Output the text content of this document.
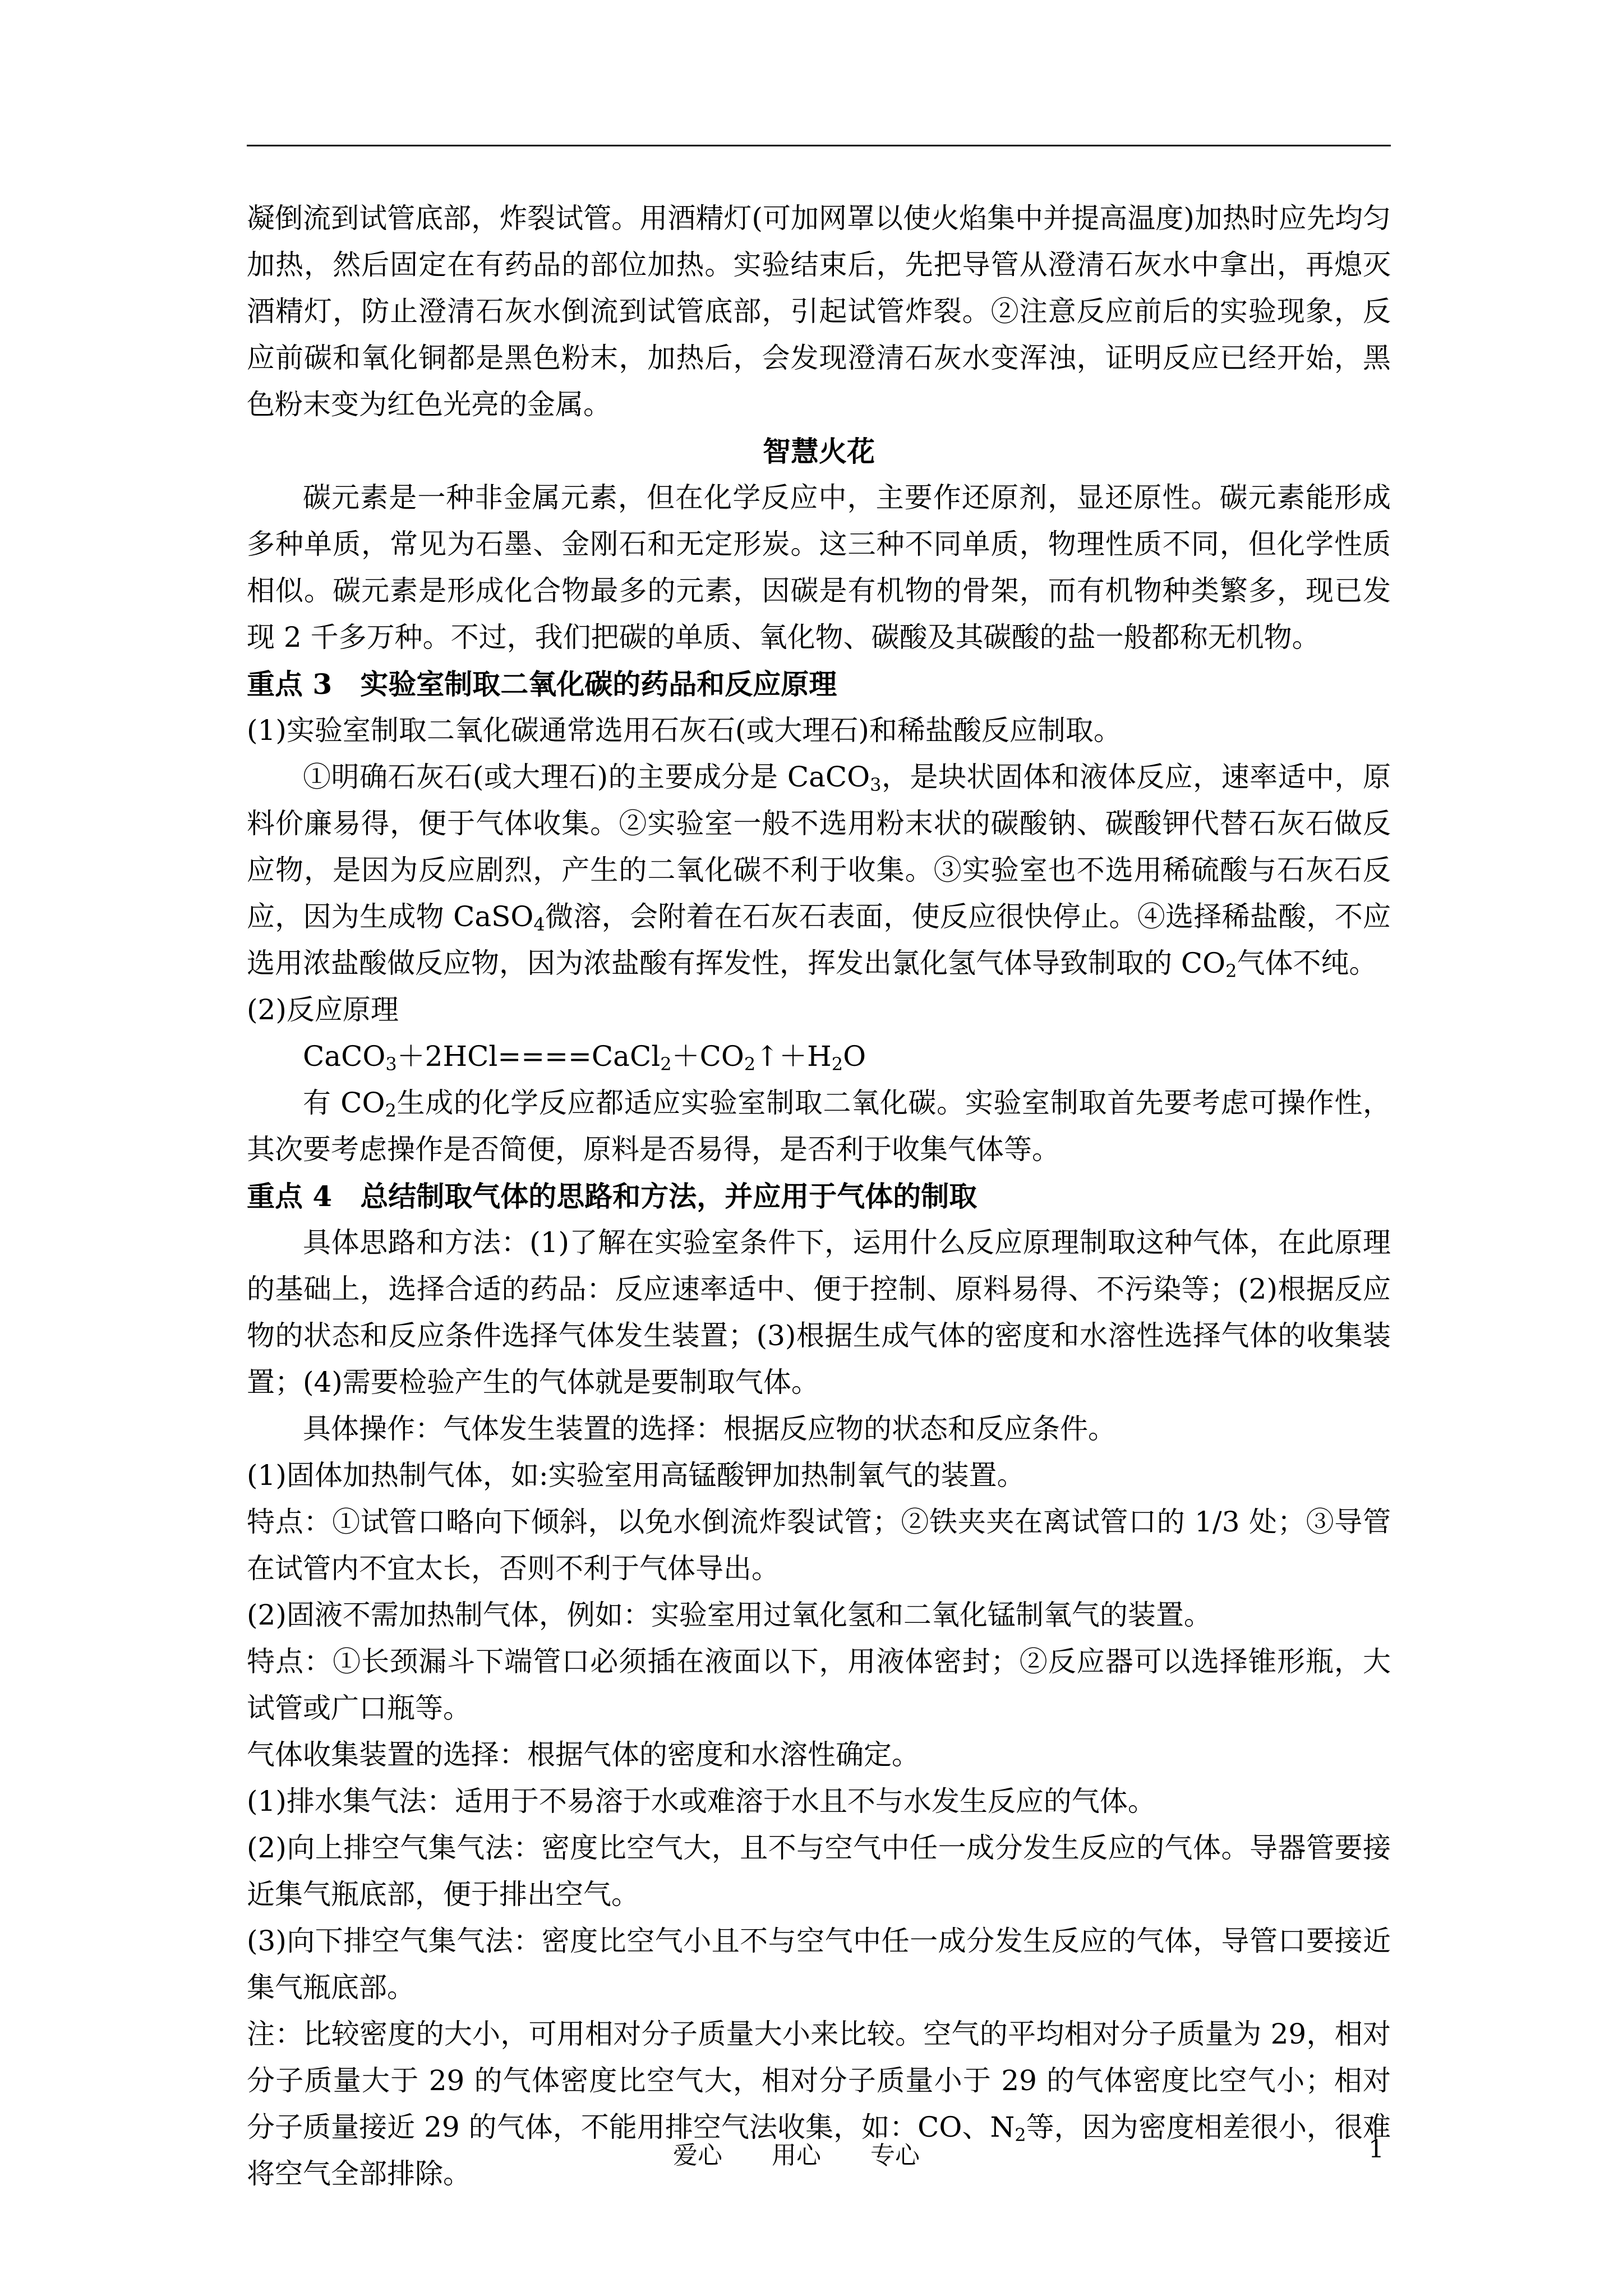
凝倒流到试管底部，炸裂试管。用酒精灯(可加网罩以使火焰集中并提高温度)加热时应先均匀加热，然后固定在有药品的部位加热。实验结束后，先把导管从澄清石灰水中拿出，再熄灭酒精灯，防止澄清石灰水倒流到试管底部，引起试管炸裂。②注意反应前后的实验现象，反应前碳和氧化铜都是黑色粉末，加热后，会发现澄清石灰水变浑浊，证明反应已经开始，黑色粉末变为红色光亮的金属。

智慧火花

碳元素是一种非金属元素，但在化学反应中，主要作还原剂，显还原性。碳元素能形成多种单质，常见为石墨、金刚石和无定形炭。这三种不同单质，物理性质不同，但化学性质相似。碳元素是形成化合物最多的元素，因碳是有机物的骨架，而有机物种类繁多，现已发现 2 千多万种。不过，我们把碳的单质、氧化物、碳酸及其碳酸的盐一般都称无机物。

重点 3　实验室制取二氧化碳的药品和反应原理

(1)实验室制取二氧化碳通常选用石灰石(或大理石)和稀盐酸反应制取。

①明确石灰石(或大理石)的主要成分是 CaCO$_3$，是块状固体和液体反应，速率适中，原料价廉易得，便于气体收集。②实验室一般不选用粉末状的碳酸钠、碳酸钾代替石灰石做反应物，是因为反应剧烈，产生的二氧化碳不利于收集。③实验室也不选用稀硫酸与石灰石反应，因为生成物 CaSO$_4$微溶，会附着在石灰石表面，使反应很快停止。④选择稀盐酸，不应选用浓盐酸做反应物，因为浓盐酸有挥发性，挥发出氯化氢气体导致制取的 $CO_2$气体不纯。

(2)反应原理

$CaCO_3+2HCl====CaCl_2+CO_2↑+H_2O$

有 $CO_2$生成的化学反应都适应实验室制取二氧化碳。实验室制取首先要考虑可操作性，其次要考虑操作是否简便，原料是否易得，是否利于收集气体等。

重点 4　总结制取气体的思路和方法，并应用于气体的制取

具体思路和方法：(1)了解在实验室条件下，运用什么反应原理制取这种气体，在此原理的基础上，选择合适的药品：反应速率适中、便于控制、原料易得、不污染等；(2)根据反应物的状态和反应条件选择气体发生装置；(3)根据生成气体的密度和水溶性选择气体的收集装置；(4)需要检验产生的气体就是要制取气体。

具体操作：气体发生装置的选择：根据反应物的状态和反应条件。

(1)固体加热制气体，如:实验室用高锰酸钾加热制氧气的装置。

特点：①试管口略向下倾斜，以免水倒流炸裂试管；②铁夹夹在离试管口的 1/3 处；③导管在试管内不宜太长，否则不利于气体导出。

(2)固液不需加热制气体，例如：实验室用过氧化氢和二氧化锰制氧气的装置。

特点：①长颈漏斗下端管口必须插在液面以下，用液体密封；②反应器可以选择锥形瓶，大试管或广口瓶等。

气体收集装置的选择：根据气体的密度和水溶性确定。

(1)排水集气法：适用于不易溶于水或难溶于水且不与水发生反应的气体。

(2)向上排空气集气法：密度比空气大，且不与空气中任一成分发生反应的气体。导器管要接近集气瓶底部，便于排出空气。

(3)向下排空气集气法：密度比空气小且不与空气中任一成分发生反应的气体，导管口要接近集气瓶底部。

注：比较密度的大小，可用相对分子质量大小来比较。空气的平均相对分子质量为 29，相对分子质量大于 29 的气体密度比空气大，相对分子质量小于 29 的气体密度比空气小；相对分子质量接近 29 的气体，不能用排空气法收集，如：CO、$N_2$等，因为密度相差很小，很难将空气全部排除。

爱心　　用心　　专心	1
